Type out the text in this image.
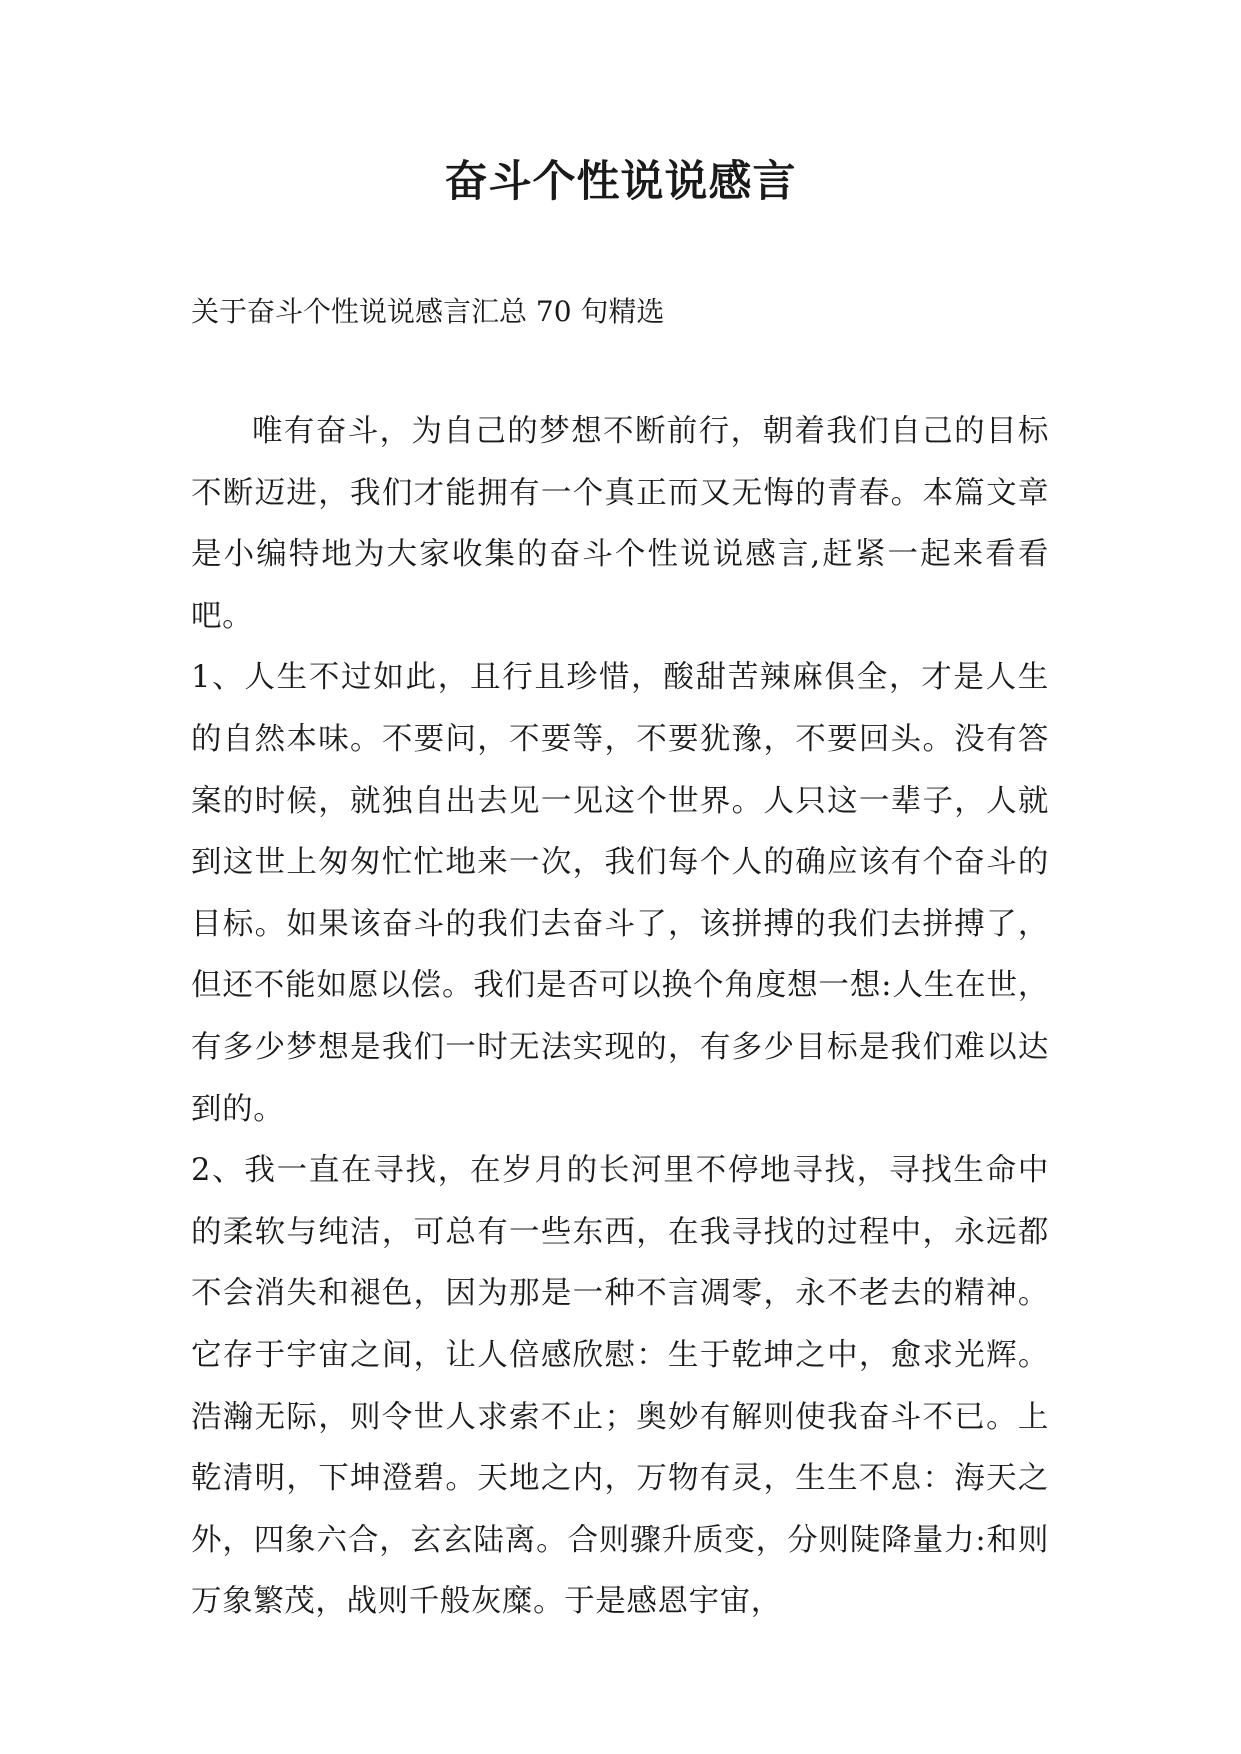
奋斗个性说说感言

关于奋斗个性说说感言汇总 70 句精选

唯有奋斗，为自己的梦想不断前行，朝着我们自己的目标不断迈进，我们才能拥有一个真正而又无悔的青春。本篇文章是小编特地为大家收集的奋斗个性说说感言,赶紧一起来看看吧。

1、人生不过如此，且行且珍惜，酸甜苦辣麻俱全，才是人生的自然本味。不要问，不要等，不要犹豫，不要回头。没有答案的时候，就独自出去见一见这个世界。人只这一辈子，人就到这世上匆匆忙忙地来一次，我们每个人的确应该有个奋斗的目标。如果该奋斗的我们去奋斗了，该拼搏的我们去拼搏了，但还不能如愿以偿。我们是否可以换个角度想一想:人生在世，有多少梦想是我们一时无法实现的，有多少目标是我们难以达到的。

2、我一直在寻找，在岁月的长河里不停地寻找，寻找生命中的柔软与纯洁，可总有一些东西，在我寻找的过程中，永远都不会消失和褪色，因为那是一种不言凋零，永不老去的精神。它存于宇宙之间，让人倍感欣慰：生于乾坤之中，愈求光辉。浩瀚无际，则令世人求索不止；奥妙有解则使我奋斗不已。上乾清明，下坤澄碧。天地之内，万物有灵，生生不息：海天之外，四象六合，玄玄陆离。合则骤升质变，分则陡降量力:和则万象繁茂，战则千般灰糜。于是感恩宇宙，
